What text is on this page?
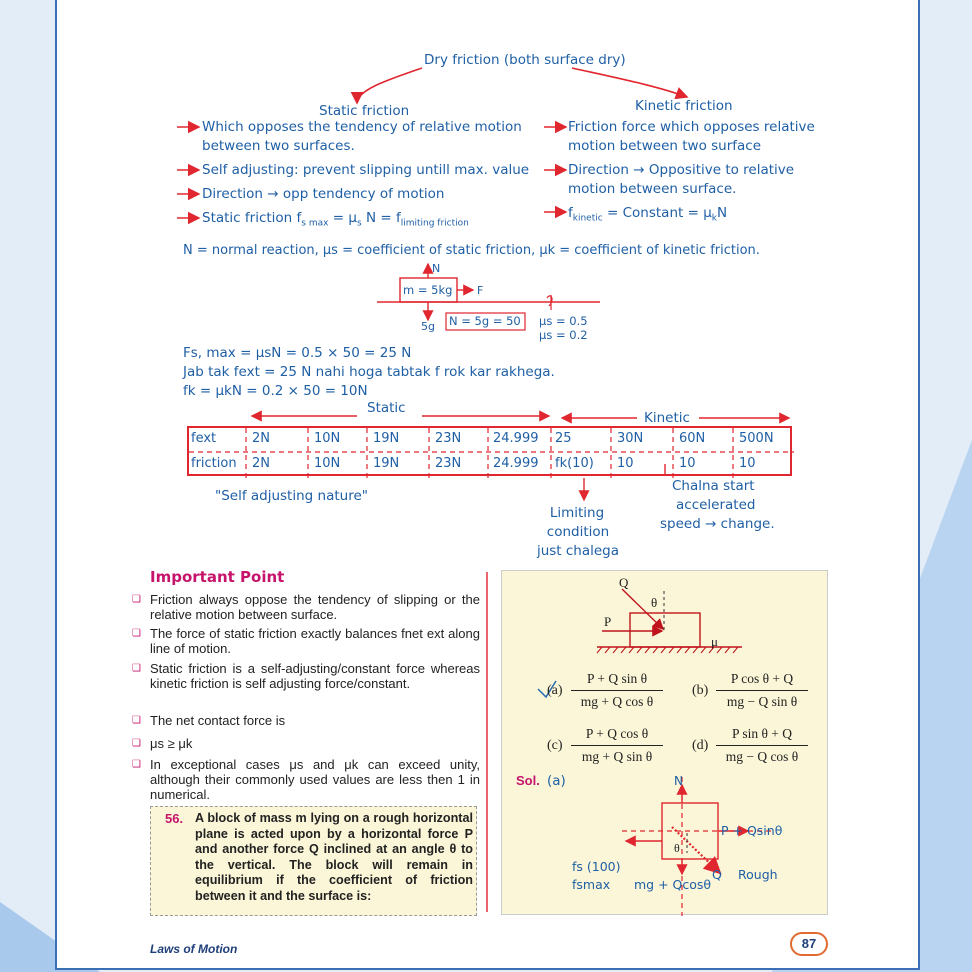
Dry friction (both surface dry)
Static friction	Kinetic friction
Which opposes the tendency of relative motion
between two surfaces.
Self adjusting: prevent slipping untill max. value
Direction → opp tendency of motion
Static friction $f_{s max} = \mu_s$ $N = f_{limiting friction}$
Friction force which opposes relative
motion between two surface
Direction → Oppositive to relative
motion between surface.
$f_{kinetic}$ = Constant = $\mu_kN$
N = normal reaction, μs = coefficient of static friction, μk = coefficient of kinetic friction.
N
m = 5kg F
5g N = 5g = 50 μs = 0.5
μs = 0.2
Fs, max = μsN = 0.5 × 50 = 25 N
Jab tak fext = 25 N nahi hoga tabtak f rok kar rakhega.
fk = μkN = 0.2 × 50 = 10N
Static
Kinetic
fext	2N	10N	19N	23N 24.999 25	30N	60N	500N
friction 2N	10N	19N	23N 24.999 fk(10) 10	10	10
"Self adjusting nature"
Limiting
condition
just chalega
Chalna start
accelerated
speed → change.
Important Point
❏ Friction always oppose the tendency of slipping or the relative motion between surface.
❏ The force of static friction exactly balances fnet ext along line of motion.
❏ Static friction is a self-adjusting/constant force whereas kinetic friction is self adjusting force/constant.
❏ The net contact force is
❏ μs ≥ μk
❏ In exceptional cases μs and μk can exceed unity, although their commonly used values are less then 1 in numerical.
56. A block of mass m lying on a rough horizontal plane is acted upon by a horizontal force P and another force Q inclined at an angle θ to the vertical. The block will remain in equilibrium if the coefficient of friction between it and the surface is:
Q
θ
P
μ
$(a) \frac{\text{P + Q sin θ}}{\text{mg + Q cos θ}} (b) \frac{\text{P cos θ + Q}}{\text{mg − Q sin θ}}$
$(c) \frac{\text{P + Q cos θ}}{\text{mg + Q sin θ}} (d) \frac{\text{P sin θ + Q}}{\text{mg − Q cos θ}}$
Sol. (a)	N
P + Qsinθ
θ
Q Rough
fs (100)
fsmax mg + Qcosθ
Laws of Motion	87
